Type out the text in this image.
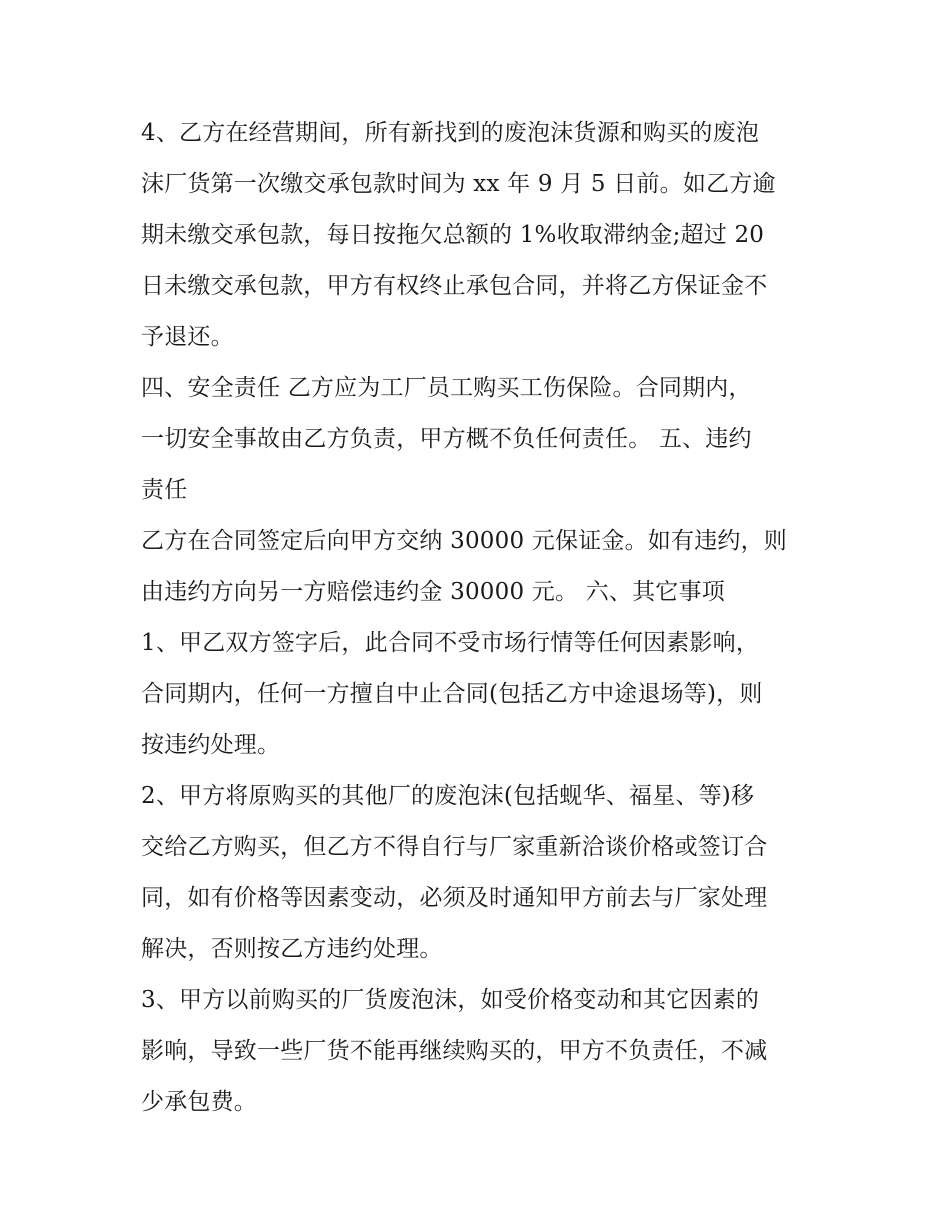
4、乙方在经营期间，所有新找到的废泡沫货源和购买的废泡
沫厂货第一次缴交承包款时间为 xx 年 9 月 5 日前。如乙方逾
期未缴交承包款，每日按拖欠总额的 1%收取滞纳金;超过 20
日未缴交承包款，甲方有权终止承包合同，并将乙方保证金不
予退还。
四、安全责任 乙方应为工厂员工购买工伤保险。合同期内，
一切安全事故由乙方负责，甲方概不负任何责任。 五、违约
责任
乙方在合同签定后向甲方交纳 30000 元保证金。如有违约，则
由违约方向另一方赔偿违约金 30000 元。 六、其它事项
1、甲乙双方签字后，此合同不受市场行情等任何因素影响，
合同期内，任何一方擅自中止合同(包括乙方中途退场等)，则
按违约处理。
2、甲方将原购买的其他厂的废泡沫(包括蚬华、福星、等)移
交给乙方购买，但乙方不得自行与厂家重新洽谈价格或签订合
同，如有价格等因素变动，必须及时通知甲方前去与厂家处理
解决，否则按乙方违约处理。
3、甲方以前购买的厂货废泡沫，如受价格变动和其它因素的
影响，导致一些厂货不能再继续购买的，甲方不负责任，不减
少承包费。
